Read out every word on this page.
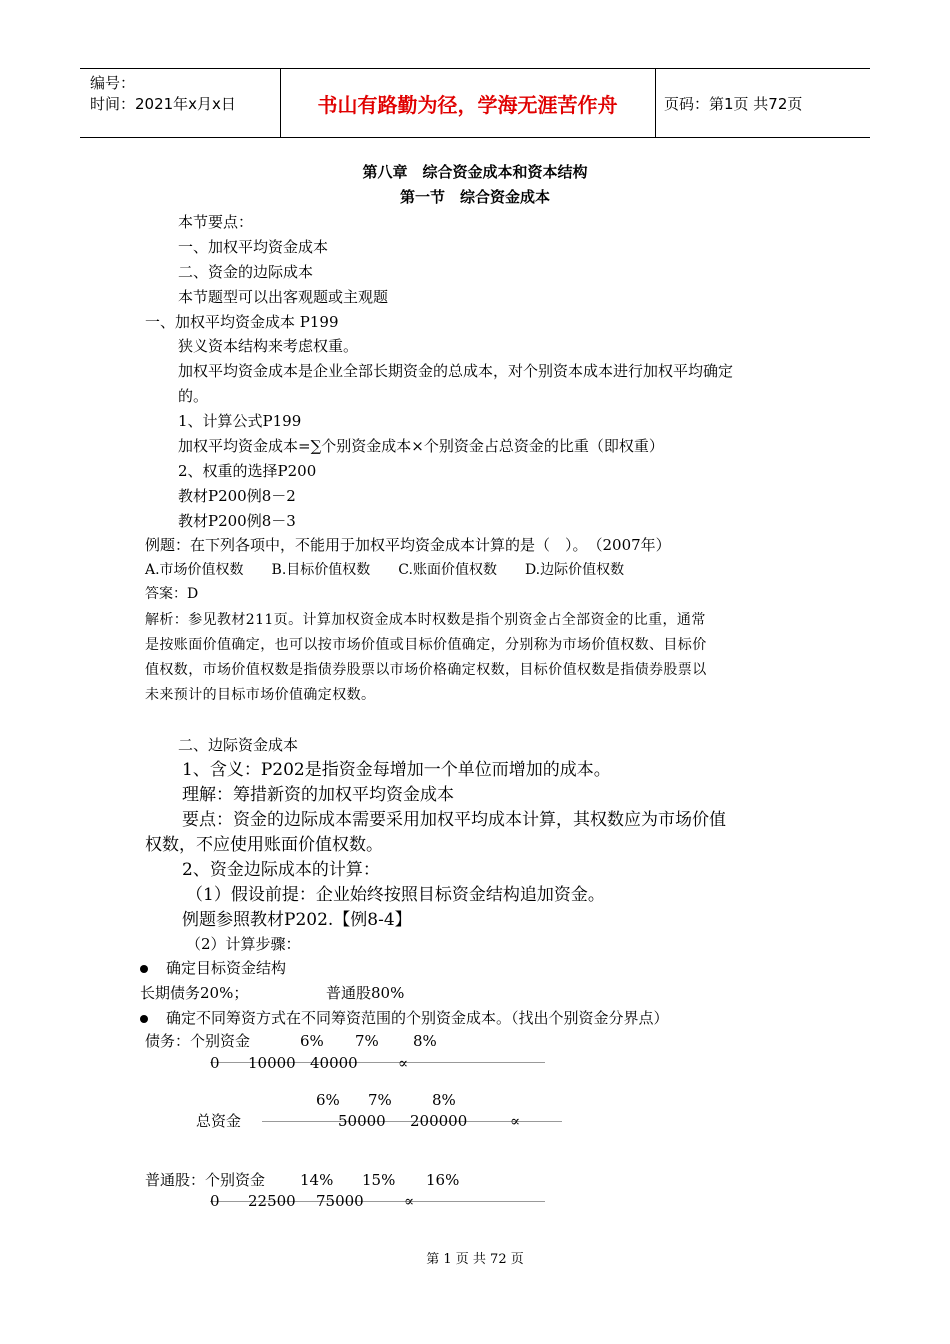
编号：
时间：2021年x月x日	书山有路勤为径，学海无涯苦作舟	页码：第1页 共72页
第八章　综合资金成本和资本结构
第一节　综合资金成本
本节要点：
一、加权平均资金成本
二、资金的边际成本
本节题型可以出客观题或主观题
一、加权平均资金成本 P199
狭义资本结构来考虑权重。
加权平均资金成本是企业全部长期资金的总成本，对个别资本成本进行加权平均确定
的。
1、计算公式P199
加权平均资金成本=∑个别资金成本×个别资金占总资金的比重（即权重）
2、权重的选择P200
教材P200例8－2
教材P200例8－3
例题：在下列各项中，不能用于加权平均资金成本计算的是（　）。　（2007年）
A.市场价值权数　　B.目标价值权数　　C.账面价值权数　　D.边际价值权数
答案：D
解析：参见教材211页。计算加权资金成本时权数是指个别资金占全部资金的比重，通常
是按账面价值确定，也可以按市场价值或目标价值确定，分别称为市场价值权数、目标价
值权数，市场价值权数是指债券股票以市场价格确定权数，目标价值权数是指债券股票以
未来预计的目标市场价值确定权数。
二、边际资金成本
1、含义：P202是指资金每增加一个单位而增加的成本。
理解：筹措新资的加权平均资金成本
要点：资金的边际成本需要采用加权平均成本计算，其权数应为市场价值
权数，不应使用账面价值权数。
2、资金边际成本的计算：
（1）假设前提：企业始终按照目标资金结构追加资金。
例题参照教材P202.【例8-4】
（2）计算步骤：
确定目标资金结构
长期债务20%；	普通股80%
确定不同筹资方式在不同筹资范围的个别资金成本。（找出个别资金分界点）
债务：个别资金	6% 7% 8%
0 10000 40000	∝
6% 7%	8%
总资金	50000 200000	∝
普通股：个别资金 14% 15% 16%
0 22500 75000	∝
第 1 页 共 72 页
